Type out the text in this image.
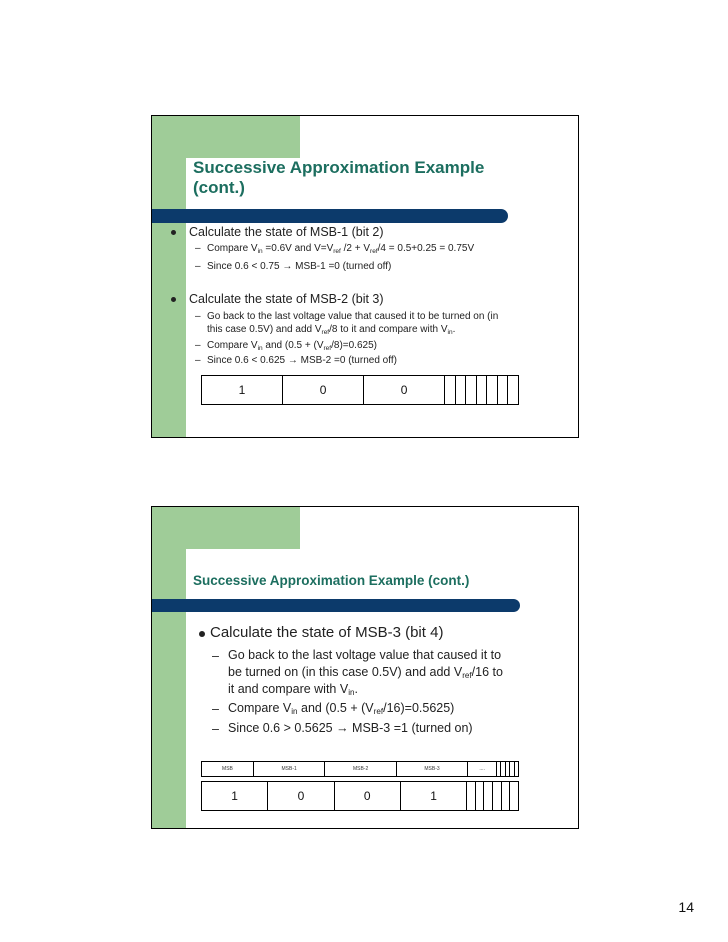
Successive Approximation Example
(cont.)
Calculate the state of MSB-1 (bit 2)
– Compare $V_{in} =0.6V$ and $V=V_{ref}$ $/2 + V_{ref}/4 = 0.5+0.25 = 0.75V$
– Since 0.6 < 0.75 → MSB-1 =0 (turned off)
Calculate the state of MSB-2 (bit 3)
– Go back to the last voltage value that caused it to be turned on (in
this case 0.5V) and add $V_{ref}/8$ to it and compare with $V_{in}$.
– Compare $V_{in}$ and $(0.5 + (V_{ref}/8)=0.625)$
– Since 0.6 < 0.625 → MSB-2 =0 (turned off)
1	0	0							
Successive Approximation Example (cont.)
Calculate the state of MSB-3 (bit 4)
– Go back to the last voltage value that caused it to
be turned on (in this case 0.5V) and add $V_{ref}/16$ to
it and compare with $V_{in}$.
– Compare $V_{in}$ and $(0.5 + (V_{ref}/16)=0.5625)$
– Since 0.6 > 0.5625 → MSB-3 =1 (turned on)
MSB	MSB-1	MSB-2	MSB-3	....					
1	0	0	1						
14
